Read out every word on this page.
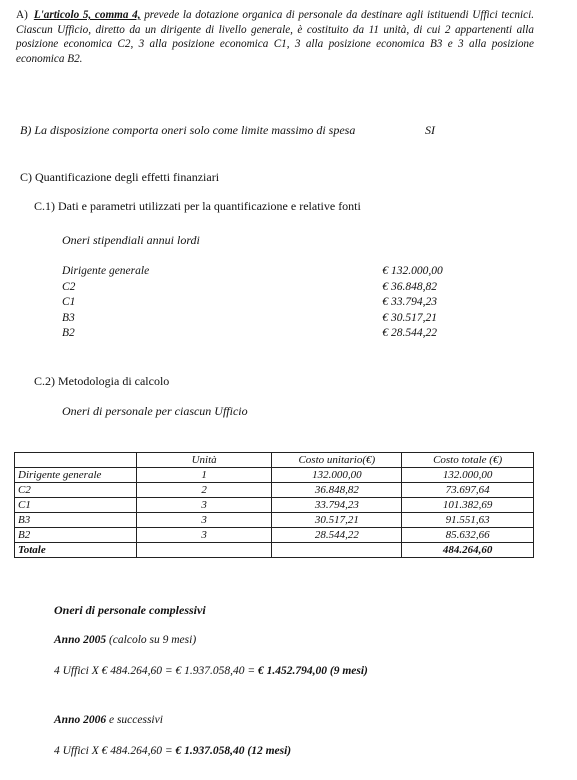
A) L'articolo 5, comma 4, prevede la dotazione organica di personale da destinare agli istituendi Uffici tecnici. Ciascun Ufficio, diretto da un dirigente di livello generale, è costituito da 11 unità, di cui 2 appartenenti alla posizione economica C2, 3 alla posizione economica C1, 3 alla posizione economica B3 e 3 alla posizione economica B2.
B) La disposizione comporta oneri solo come limite massimo di spesa	SI
C) Quantificazione degli effetti finanziari
C.1) Dati e parametri utilizzati per la quantificazione e relative fonti
Oneri stipendiali annui lordi
Dirigente generale	€ 132.000,00
C2	€ 36.848,82
C1	€ 33.794,23
B3	€ 30.517,21
B2	€ 28.544,22
C.2) Metodologia di calcolo
Oneri di personale per ciascun Ufficio
	Unità	Costo unitario(€)	Costo totale (€)
Dirigente generale	1	132.000,00	132.000,00
C2	2	36.848,82	73.697,64
C1	3	33.794,23	101.382,69
B3	3	30.517,21	91.551,63
B2	3	28.544,22	85.632,66
Totale			484.264,60
Oneri di personale complessivi
Anno 2005 (calcolo su 9 mesi)
4 Uffici X € 484.264,60 = € 1.937.058,40 = € 1.452.794,00 (9 mesi)
Anno 2006 e successivi
4 Uffici X € 484.264,60 = € 1.937.058,40 (12 mesi)
